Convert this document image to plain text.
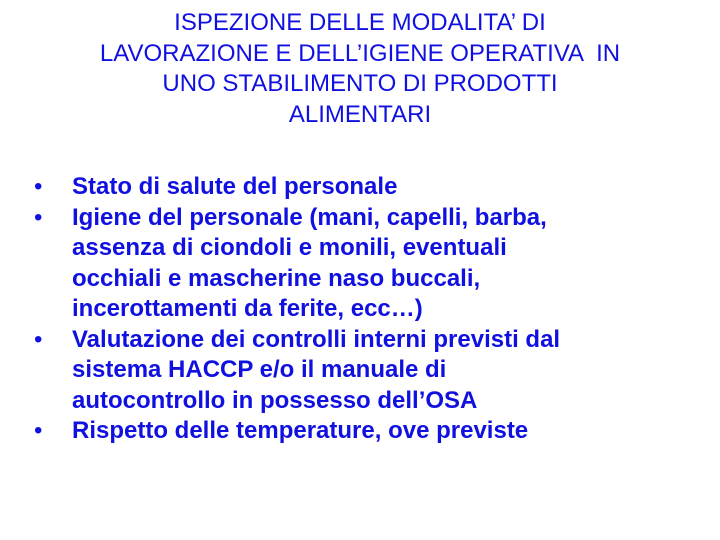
ISPEZIONE DELLE MODALITA’ DI
LAVORAZIONE E DELL’IGIENE OPERATIVA  IN
UNO STABILIMENTO DI PRODOTTI
ALIMENTARI
•	Stato di salute del personale
•	Igiene del personale (mani, capelli, barba,
assenza di ciondoli e monili, eventuali
occhiali e mascherine naso buccali,
incerottamenti da ferite, ecc…)
•	Valutazione dei controlli interni previsti dal
sistema HACCP e/o il manuale di
autocontrollo in possesso dell’OSA
•	Rispetto delle temperature, ove previste
